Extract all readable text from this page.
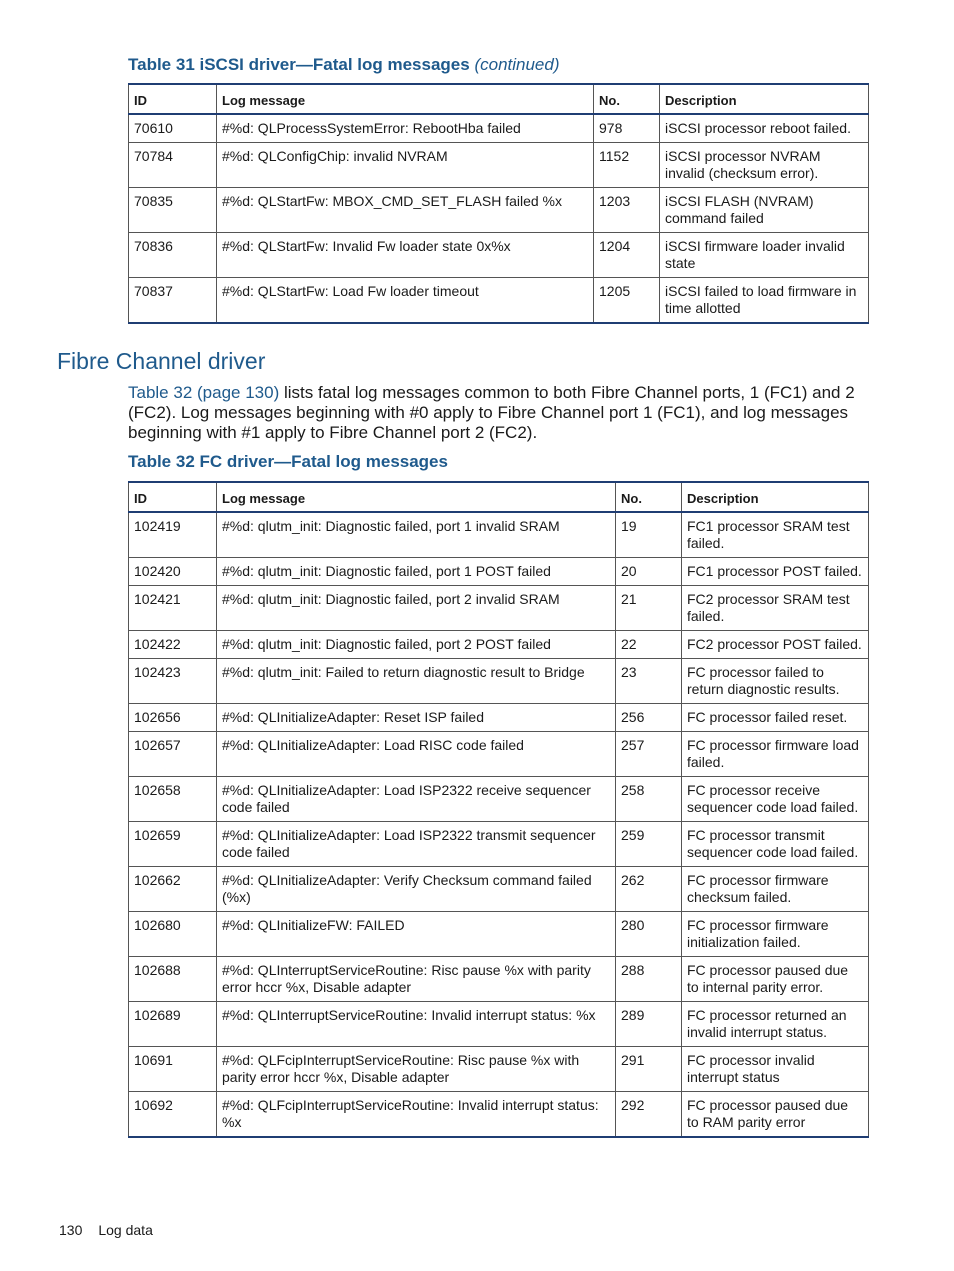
Table 31 iSCSI driver—Fatal log messages (continued)
ID	Log message	No.	Description
70610	#%d: QLProcessSystemError: RebootHba failed	978	iSCSI processor reboot failed.
70784	#%d: QLConfigChip: invalid NVRAM	1152	iSCSI processor NVRAM invalid (checksum error).
70835	#%d: QLStartFw: MBOX_CMD_SET_FLASH failed %x	1203	iSCSI FLASH (NVRAM) command failed
70836	#%d: QLStartFw: Invalid Fw loader state 0x%x	1204	iSCSI firmware loader invalid state
70837	#%d: QLStartFw: Load Fw loader timeout	1205	iSCSI failed to load firmware in time allotted
Fibre Channel driver
Table 32 (page 130) lists fatal log messages common to both Fibre Channel ports, 1 (FC1) and 2 (FC2). Log messages beginning with #0 apply to Fibre Channel port 1 (FC1), and log messages beginning with #1 apply to Fibre Channel port 2 (FC2).
Table 32 FC driver—Fatal log messages
ID	Log message	No.	Description
102419	#%d: qlutm_init: Diagnostic failed, port 1 invalid SRAM	19	FC1 processor SRAM test failed.
102420	#%d: qlutm_init: Diagnostic failed, port 1 POST failed	20	FC1 processor POST failed.
102421	#%d: qlutm_init: Diagnostic failed, port 2 invalid SRAM	21	FC2 processor SRAM test failed.
102422	#%d: qlutm_init: Diagnostic failed, port 2 POST failed	22	FC2 processor POST failed.
102423	#%d: qlutm_init: Failed to return diagnostic result to Bridge	23	FC processor failed to return diagnostic results.
102656	#%d: QLInitializeAdapter: Reset ISP failed	256	FC processor failed reset.
102657	#%d: QLInitializeAdapter: Load RISC code failed	257	FC processor firmware load failed.
102658	#%d: QLInitializeAdapter: Load ISP2322 receive sequencer code failed	258	FC processor receive sequencer code load failed.
102659	#%d: QLInitializeAdapter: Load ISP2322 transmit sequencer code failed	259	FC processor transmit sequencer code load failed.
102662	#%d: QLInitializeAdapter: Verify Checksum command failed (%x)	262	FC processor firmware checksum failed.
102680	#%d: QLInitializeFW: FAILED	280	FC processor firmware initialization failed.
102688	#%d: QLInterruptServiceRoutine: Risc pause %x with parity error hccr %x, Disable adapter	288	FC processor paused due to internal parity error.
102689	#%d: QLInterruptServiceRoutine: Invalid interrupt status: %x	289	FC processor returned an invalid interrupt status.
10691	#%d: QLFcipInterruptServiceRoutine: Risc pause %x with parity error hccr %x, Disable adapter	291	FC processor invalid interrupt status
10692	#%d: QLFcipInterruptServiceRoutine: Invalid interrupt status: %x	292	FC processor paused due to RAM parity error
130 Log data
